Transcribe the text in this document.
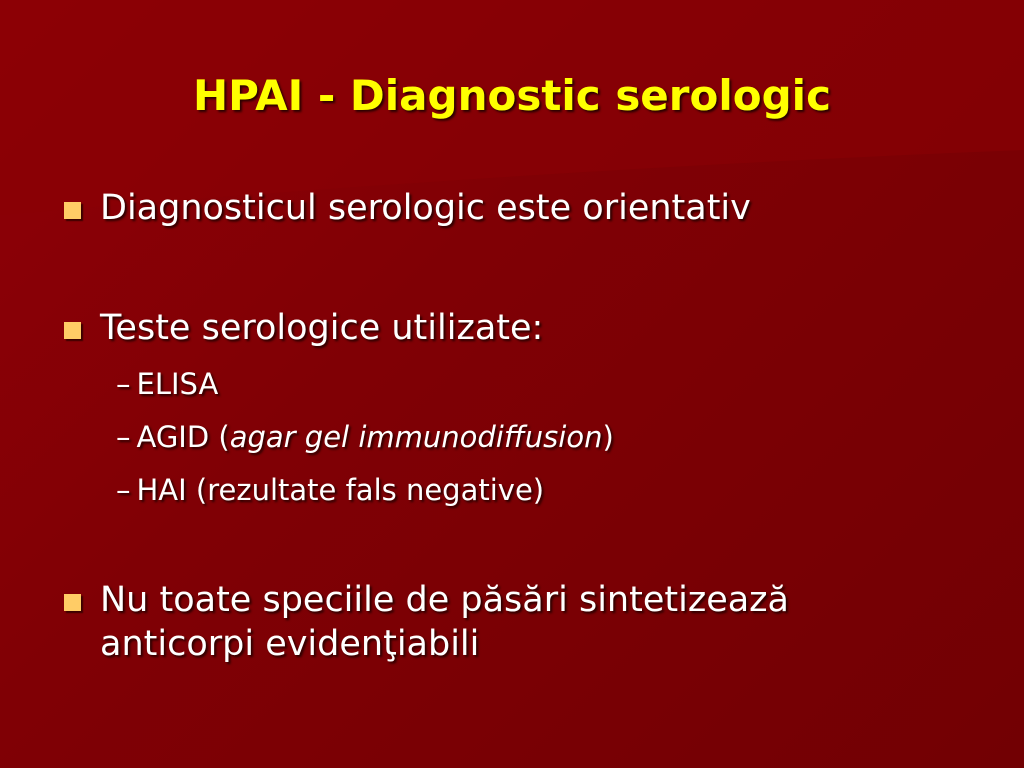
HPAI - Diagnostic serologic
Diagnosticul serologic este orientativ
Teste serologice utilizate:
– ELISA
– AGID (agar gel immunodiffusion)
– HAI (rezultate fals negative)
Nu toate speciile de păsări sintetizează
anticorpi evidenţiabili
